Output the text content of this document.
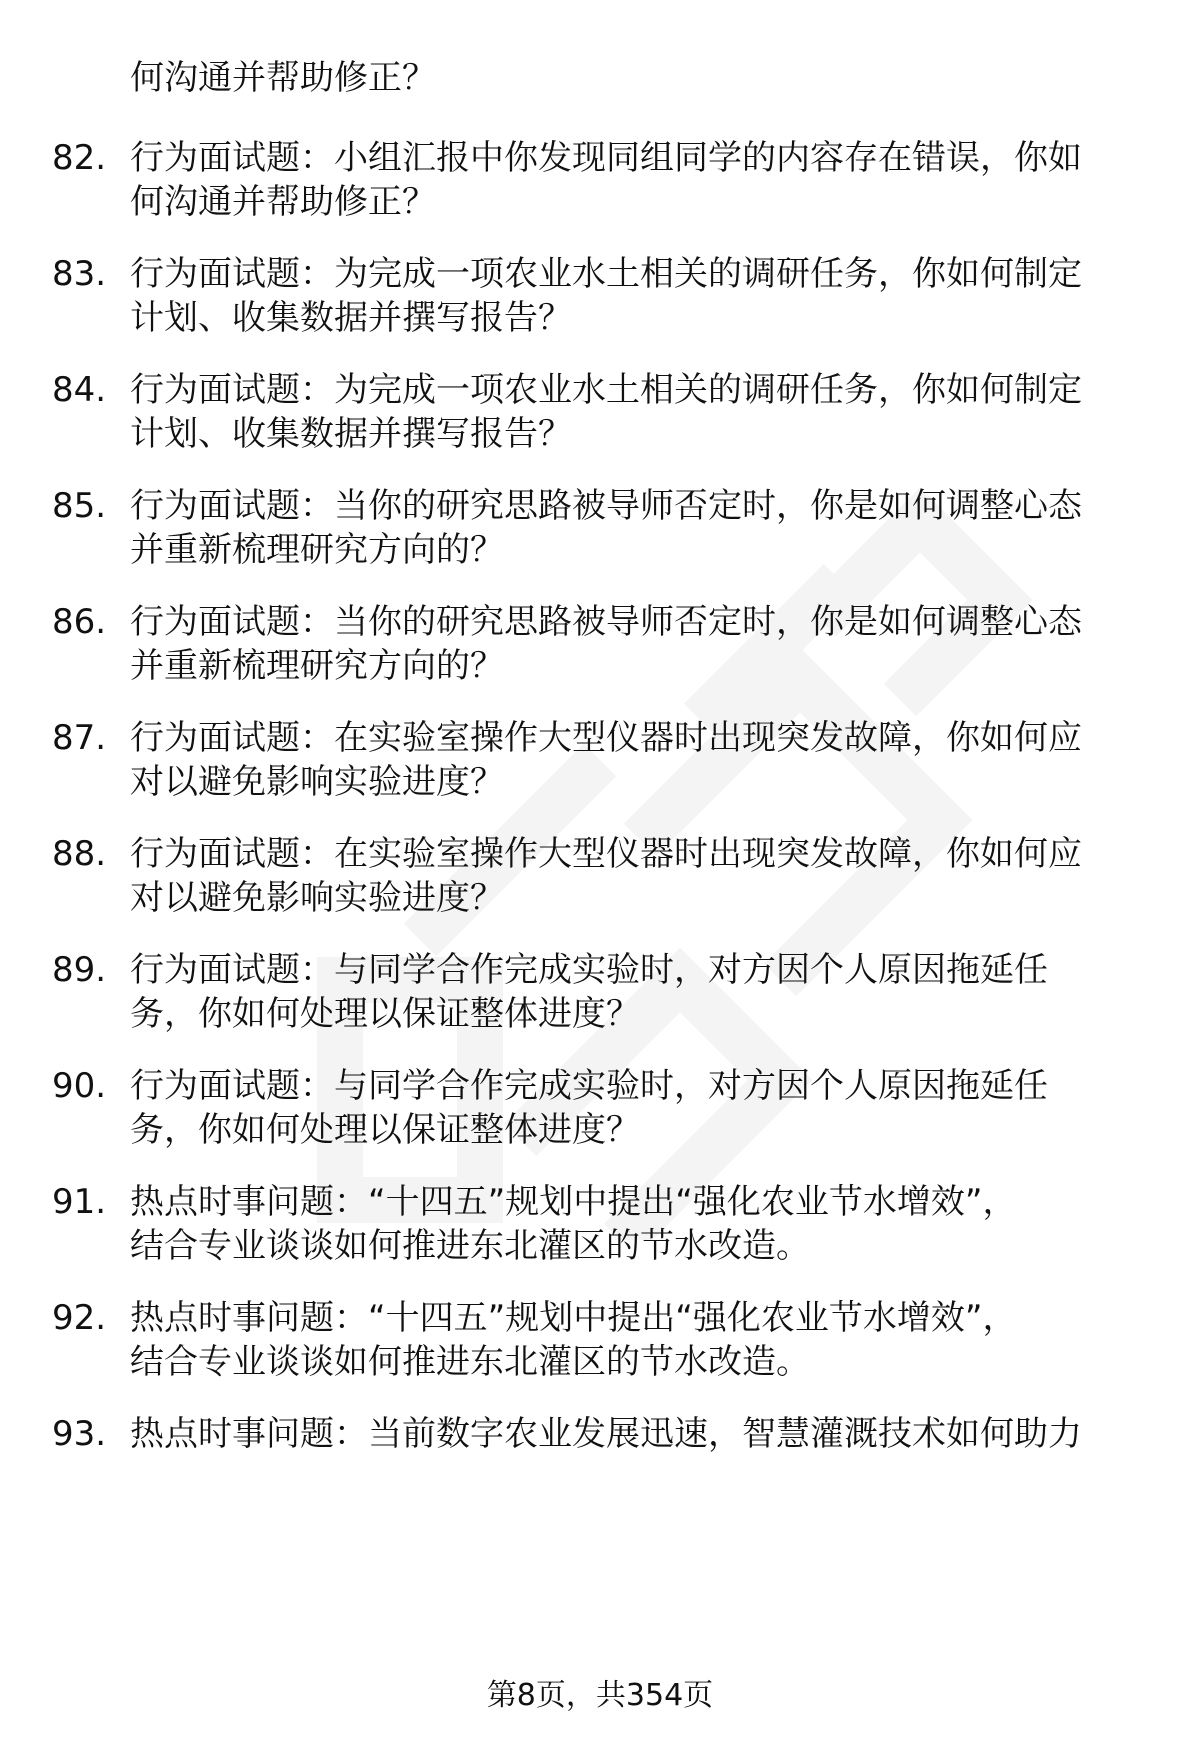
何沟通并帮助修正？
82. 行为面试题：小组汇报中你发现同组同学的内容存在错误，你如
何沟通并帮助修正？
83. 行为面试题：为完成一项农业水土相关的调研任务，你如何制定
计划、收集数据并撰写报告？
84. 行为面试题：为完成一项农业水土相关的调研任务，你如何制定
计划、收集数据并撰写报告？
85. 行为面试题：当你的研究思路被导师否定时，你是如何调整心态
并重新梳理研究方向的？
86. 行为面试题：当你的研究思路被导师否定时，你是如何调整心态
并重新梳理研究方向的？
87. 行为面试题：在实验室操作大型仪器时出现突发故障，你如何应
对以避免影响实验进度？
88. 行为面试题：在实验室操作大型仪器时出现突发故障，你如何应
对以避免影响实验进度？
89. 行为面试题：与同学合作完成实验时，对方因个人原因拖延任
务，你如何处理以保证整体进度？
90. 行为面试题：与同学合作完成实验时，对方因个人原因拖延任
务，你如何处理以保证整体进度？
91. 热点时事问题：“十四五”规划中提出“强化农业节水增效”，
结合专业谈谈如何推进东北灌区的节水改造。
92. 热点时事问题：“十四五”规划中提出“强化农业节水增效”，
结合专业谈谈如何推进东北灌区的节水改造。
93. 热点时事问题：当前数字农业发展迅速，智慧灌溉技术如何助力
第8页，共354页
